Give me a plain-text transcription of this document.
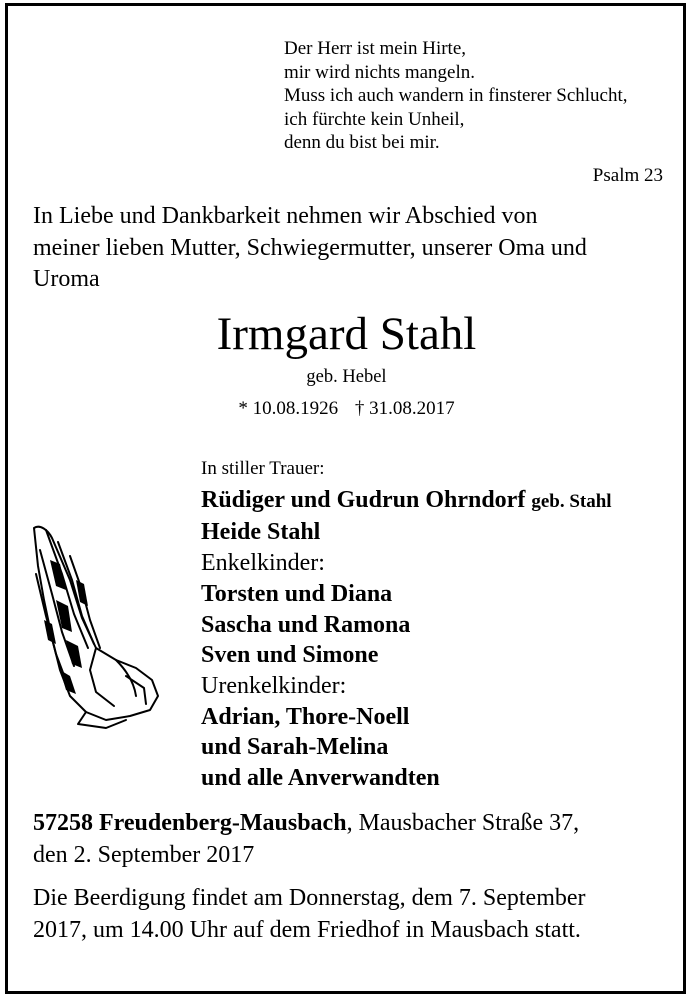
Der Herr ist mein Hirte,
mir wird nichts mangeln.
Muss ich auch wandern in finsterer Schlucht,
ich fürchte kein Unheil,
denn du bist bei mir.
Psalm 23
In Liebe und Dankbarkeit nehmen wir Abschied von
meiner lieben Mutter, Schwiegermutter, unserer Oma und
Uroma
Irmgard Stahl
geb. Hebel
* 10.08.1926 † 31.08.2017
In stiller Trauer:
Rüdiger und Gudrun Ohrndorf geb. Stahl
Heide Stahl
Enkelkinder:
Torsten und Diana
Sascha und Ramona
Sven und Simone
Urenkelkinder:
Adrian, Thore-Noell
und Sarah-Melina
und alle Anverwandten
57258 Freudenberg-Mausbach, Mausbacher Straße 37,
den 2. September 2017
Die Beerdigung findet am Donnerstag, dem 7. September
2017, um 14.00 Uhr auf dem Friedhof in Mausbach statt.
